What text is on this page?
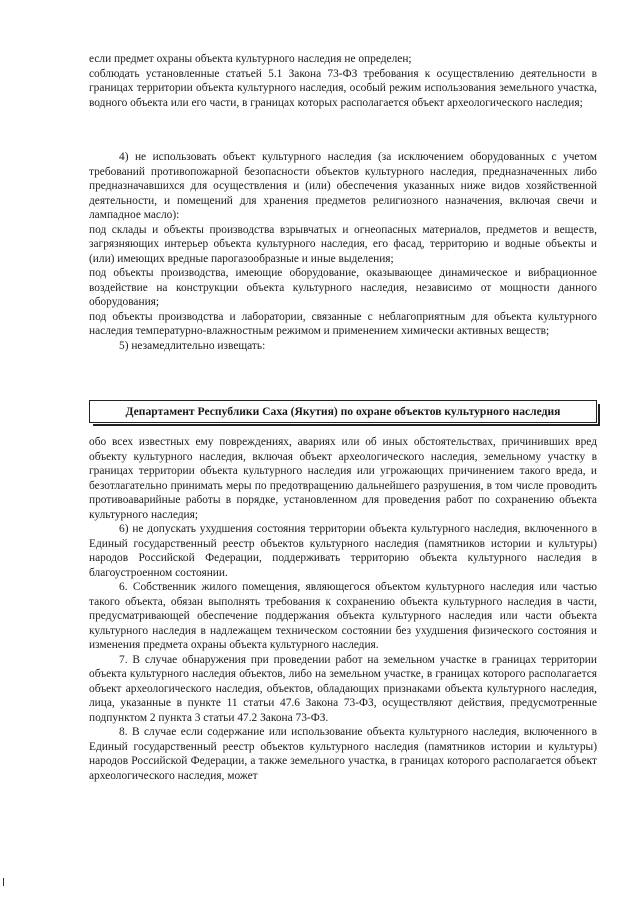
если предмет охраны объекта культурного наследия не определен;

соблюдать установленные статьей 5.1 Закона 73-ФЗ требования к осуществлению деятельности в границах территории объекта культурного наследия, особый режим использования земельного участка, водного объекта или его части, в границах которых располагается объект археологического наследия;

4) не использовать объект культурного наследия (за исключением оборудованных с учетом требований противопожарной безопасности объектов культурного наследия, предназначенных либо предназначавшихся для осуществления и (или) обеспечения указанных ниже видов хозяйственной деятельности, и помещений для хранения предметов религиозного назначения, включая свечи и лампадное масло):

под склады и объекты производства взрывчатых и огнеопасных материалов, предметов и веществ, загрязняющих интерьер объекта культурного наследия, его фасад, территорию и водные объекты и (или) имеющих вредные парогазообразные и иные выделения;

под объекты производства, имеющие оборудование, оказывающее динамическое и вибрационное воздействие на конструкции объекта культурного наследия, независимо от мощности данного оборудования;

под объекты производства и лаборатории, связанные с неблагоприятным для объекта культурного наследия температурно-влажностным режимом и применением химически активных веществ;

5) незамедлительно извещать:

Департамент Республики Саха (Якутия) по охране объектов культурного наследия

обо всех известных ему повреждениях, авариях или об иных обстоятельствах, причинивших вред объекту культурного наследия, включая объект археологического наследия, земельному участку в границах территории объекта культурного наследия или угрожающих причинением такого вреда, и безотлагательно принимать меры по предотвращению дальнейшего разрушения, в том числе проводить противоаварийные работы в порядке, установленном для проведения работ по сохранению объекта культурного наследия;

6) не допускать ухудшения состояния территории объекта культурного наследия, включенного в Единый государственный реестр объектов культурного наследия (памятников истории и культуры) народов Российской Федерации, поддерживать территорию объекта культурного наследия в благоустроенном состоянии.

6. Собственник жилого помещения, являющегося объектом культурного наследия или частью такого объекта, обязан выполнять требования к сохранению объекта культурного наследия в части, предусматривающей обеспечение поддержания объекта культурного наследия или части объекта культурного наследия в надлежащем техническом состоянии без ухудшения физического состояния и изменения предмета охраны объекта культурного наследия.

7. В случае обнаружения при проведении работ на земельном участке в границах территории объекта культурного наследия объектов, либо на земельном участке, в границах которого располагается объект археологического наследия, объектов, обладающих признаками объекта культурного наследия, лица, указанные в пункте 11 статьи 47.6 Закона 73-ФЗ, осуществляют действия, предусмотренные подпунктом 2 пункта 3 статьи 47.2 Закона 73-ФЗ.

8. В случае если содержание или использование объекта культурного наследия, включенного в Единый государственный реестр объектов культурного наследия (памятников истории и культуры) народов Российской Федерации, а также земельного участка, в границах которого располагается объект археологического наследия, может
